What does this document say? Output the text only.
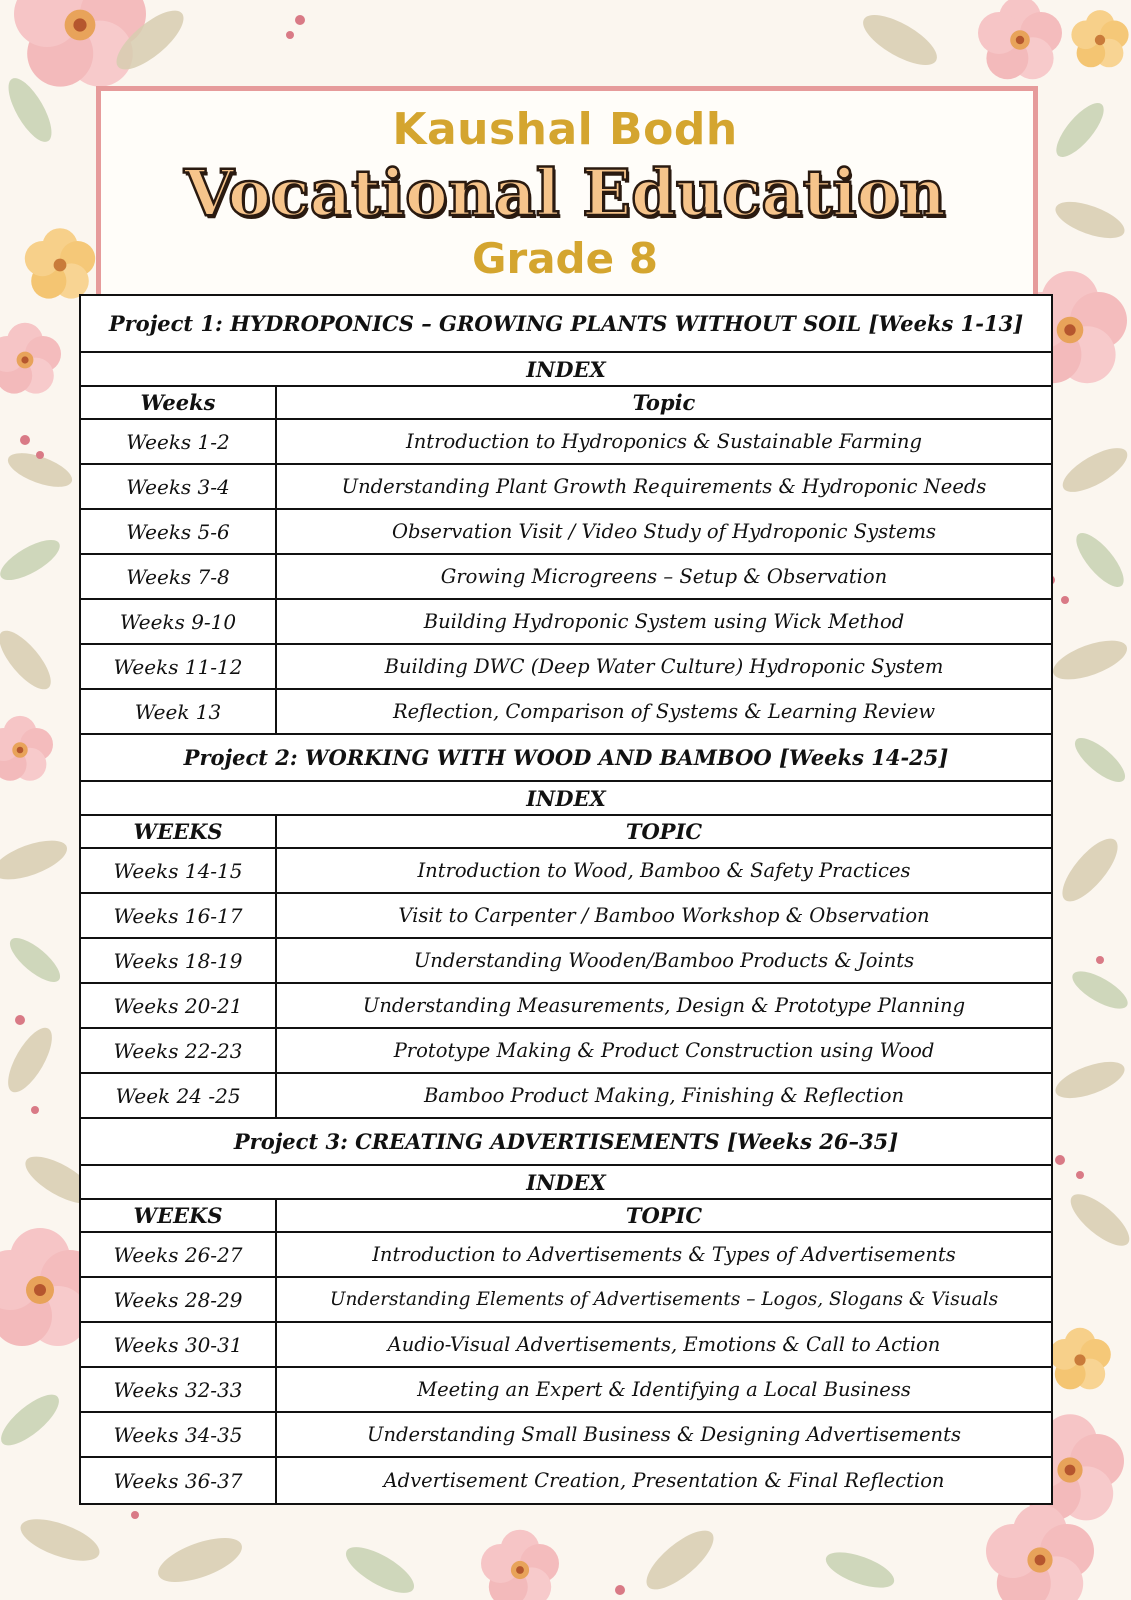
Kaushal Bodh
Vocational Education
Grade 8
Project 1: HYDROPONICS – GROWING PLANTS WITHOUT SOIL [Weeks 1-13]
INDEX
Weeks	Topic
Weeks 1-2	Introduction to Hydroponics & Sustainable Farming
Weeks 3-4	Understanding Plant Growth Requirements & Hydroponic Needs
Weeks 5-6	Observation Visit / Video Study of Hydroponic Systems
Weeks 7-8	Growing Microgreens – Setup & Observation
Weeks 9-10	Building Hydroponic System using Wick Method
Weeks 11-12	Building DWC (Deep Water Culture) Hydroponic System
Week 13	Reflection, Comparison of Systems & Learning Review
Project 2: WORKING WITH WOOD AND BAMBOO [Weeks 14-25]
INDEX
WEEKS	TOPIC
Weeks 14-15	Introduction to Wood, Bamboo & Safety Practices
Weeks 16-17	Visit to Carpenter / Bamboo Workshop & Observation
Weeks 18-19	Understanding Wooden/Bamboo Products & Joints
Weeks 20-21	Understanding Measurements, Design & Prototype Planning
Weeks 22-23	Prototype Making & Product Construction using Wood
Week 24 -25	Bamboo Product Making, Finishing & Reflection
Project 3: CREATING ADVERTISEMENTS [Weeks 26–35]
INDEX
WEEKS	TOPIC
Weeks 26-27	Introduction to Advertisements & Types of Advertisements
Weeks 28-29	Understanding Elements of Advertisements – Logos, Slogans & Visuals
Weeks 30-31	Audio-Visual Advertisements, Emotions & Call to Action
Weeks 32-33	Meeting an Expert & Identifying a Local Business
Weeks 34-35	Understanding Small Business & Designing Advertisements
Weeks 36-37	Advertisement Creation, Presentation & Final Reflection
